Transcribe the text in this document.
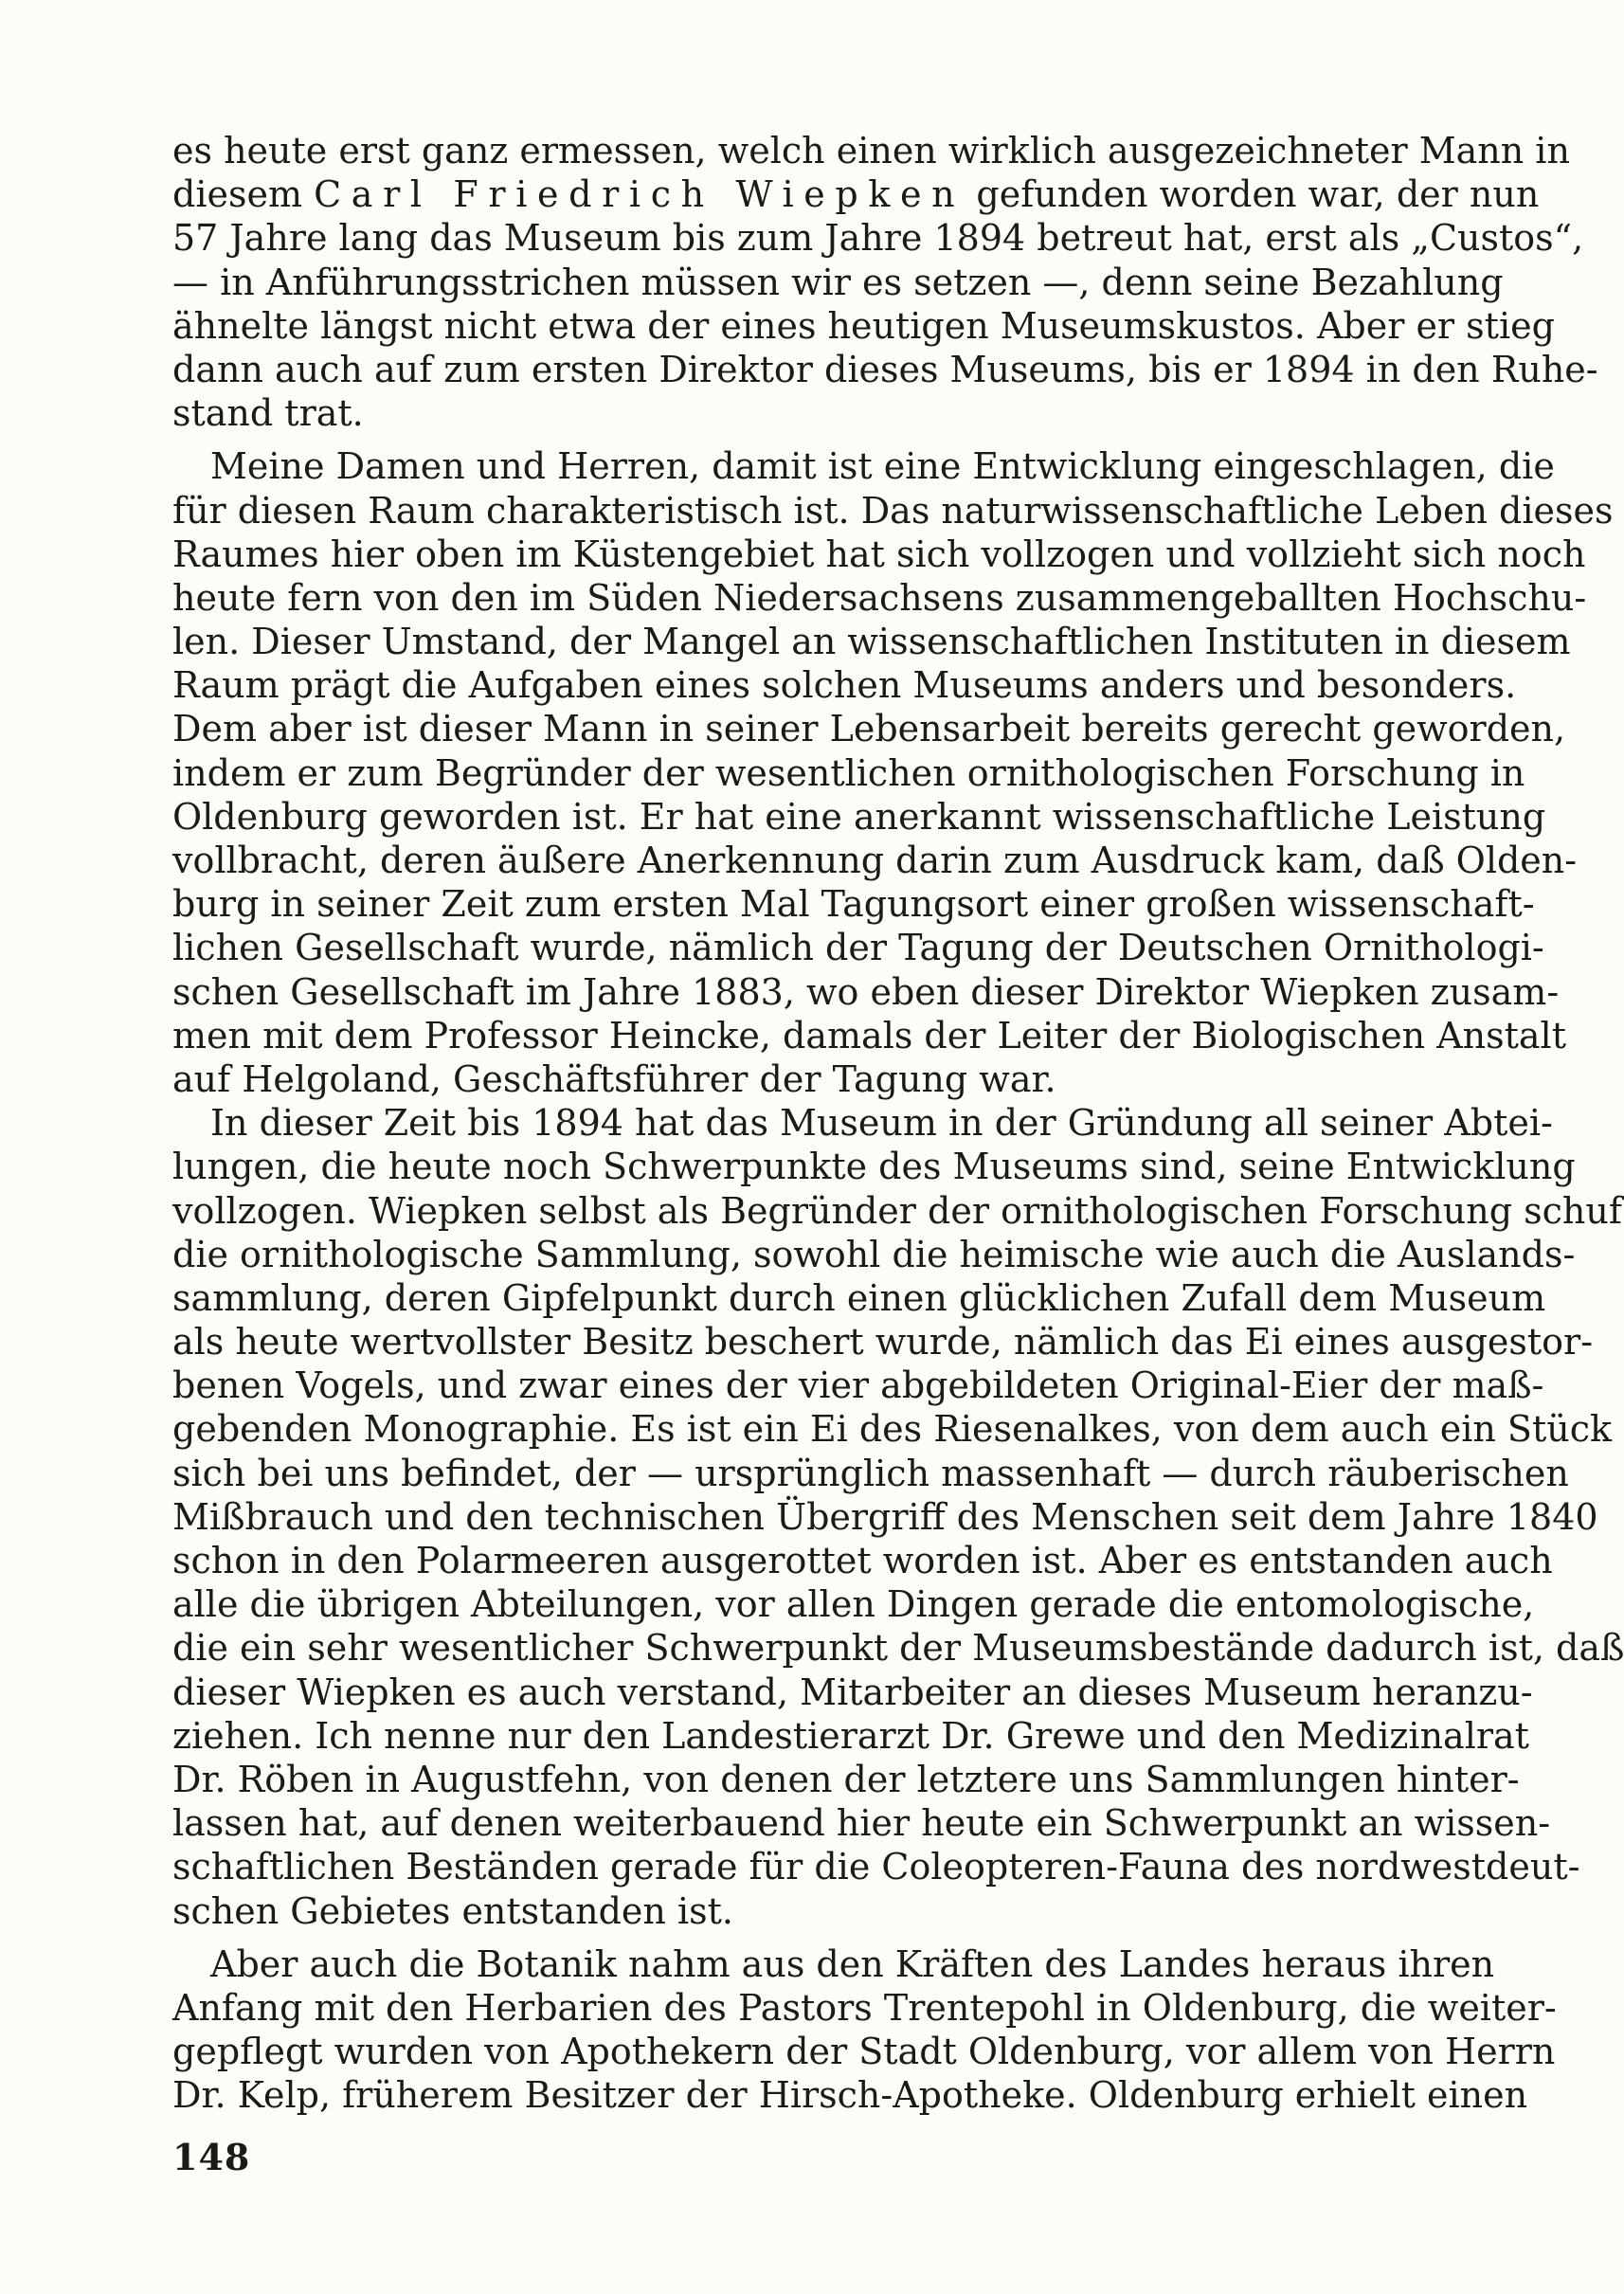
es heute erst ganz ermessen, welch einen wirklich ausgezeichneter Mann in
diesem Carl Friedrich Wiepken gefunden worden war, der nun
57 Jahre lang das Museum bis zum Jahre 1894 betreut hat, erst als „Custos“,
— in Anführungsstrichen müssen wir es setzen —, denn seine Bezahlung
ähnelte längst nicht etwa der eines heutigen Museumskustos. Aber er stieg
dann auch auf zum ersten Direktor dieses Museums, bis er 1894 in den Ruhe-
stand trat.
Meine Damen und Herren, damit ist eine Entwicklung eingeschlagen, die
für diesen Raum charakteristisch ist. Das naturwissenschaftliche Leben dieses
Raumes hier oben im Küstengebiet hat sich vollzogen und vollzieht sich noch
heute fern von den im Süden Niedersachsens zusammengeballten Hochschu-
len. Dieser Umstand, der Mangel an wissenschaftlichen Instituten in diesem
Raum prägt die Aufgaben eines solchen Museums anders und besonders.
Dem aber ist dieser Mann in seiner Lebensarbeit bereits gerecht geworden,
indem er zum Begründer der wesentlichen ornithologischen Forschung in
Oldenburg geworden ist. Er hat eine anerkannt wissenschaftliche Leistung
vollbracht, deren äußere Anerkennung darin zum Ausdruck kam, daß Olden-
burg in seiner Zeit zum ersten Mal Tagungsort einer großen wissenschaft-
lichen Gesellschaft wurde, nämlich der Tagung der Deutschen Ornithologi-
schen Gesellschaft im Jahre 1883, wo eben dieser Direktor Wiepken zusam-
men mit dem Professor Heincke, damals der Leiter der Biologischen Anstalt
auf Helgoland, Geschäftsführer der Tagung war.
In dieser Zeit bis 1894 hat das Museum in der Gründung all seiner Abtei-
lungen, die heute noch Schwerpunkte des Museums sind, seine Entwicklung
vollzogen. Wiepken selbst als Begründer der ornithologischen Forschung schuf
die ornithologische Sammlung, sowohl die heimische wie auch die Auslands-
sammlung, deren Gipfelpunkt durch einen glücklichen Zufall dem Museum
als heute wertvollster Besitz beschert wurde, nämlich das Ei eines ausgestor-
benen Vogels, und zwar eines der vier abgebildeten Original-Eier der maß-
gebenden Monographie. Es ist ein Ei des Riesenalkes, von dem auch ein Stück
sich bei uns befindet, der — ursprünglich massenhaft — durch räuberischen
Mißbrauch und den technischen Übergriff des Menschen seit dem Jahre 1840
schon in den Polarmeeren ausgerottet worden ist. Aber es entstanden auch
alle die übrigen Abteilungen, vor allen Dingen gerade die entomologische,
die ein sehr wesentlicher Schwerpunkt der Museumsbestände dadurch ist, daß
dieser Wiepken es auch verstand, Mitarbeiter an dieses Museum heranzu-
ziehen. Ich nenne nur den Landestierarzt Dr. Grewe und den Medizinalrat
Dr. Röben in Augustfehn, von denen der letztere uns Sammlungen hinter-
lassen hat, auf denen weiterbauend hier heute ein Schwerpunkt an wissen-
schaftlichen Beständen gerade für die Coleopteren-Fauna des nordwestdeut-
schen Gebietes entstanden ist.
Aber auch die Botanik nahm aus den Kräften des Landes heraus ihren
Anfang mit den Herbarien des Pastors Trentepohl in Oldenburg, die weiter-
gepflegt wurden von Apothekern der Stadt Oldenburg, vor allem von Herrn
Dr. Kelp, früherem Besitzer der Hirsch-Apotheke. Oldenburg erhielt einen
148
